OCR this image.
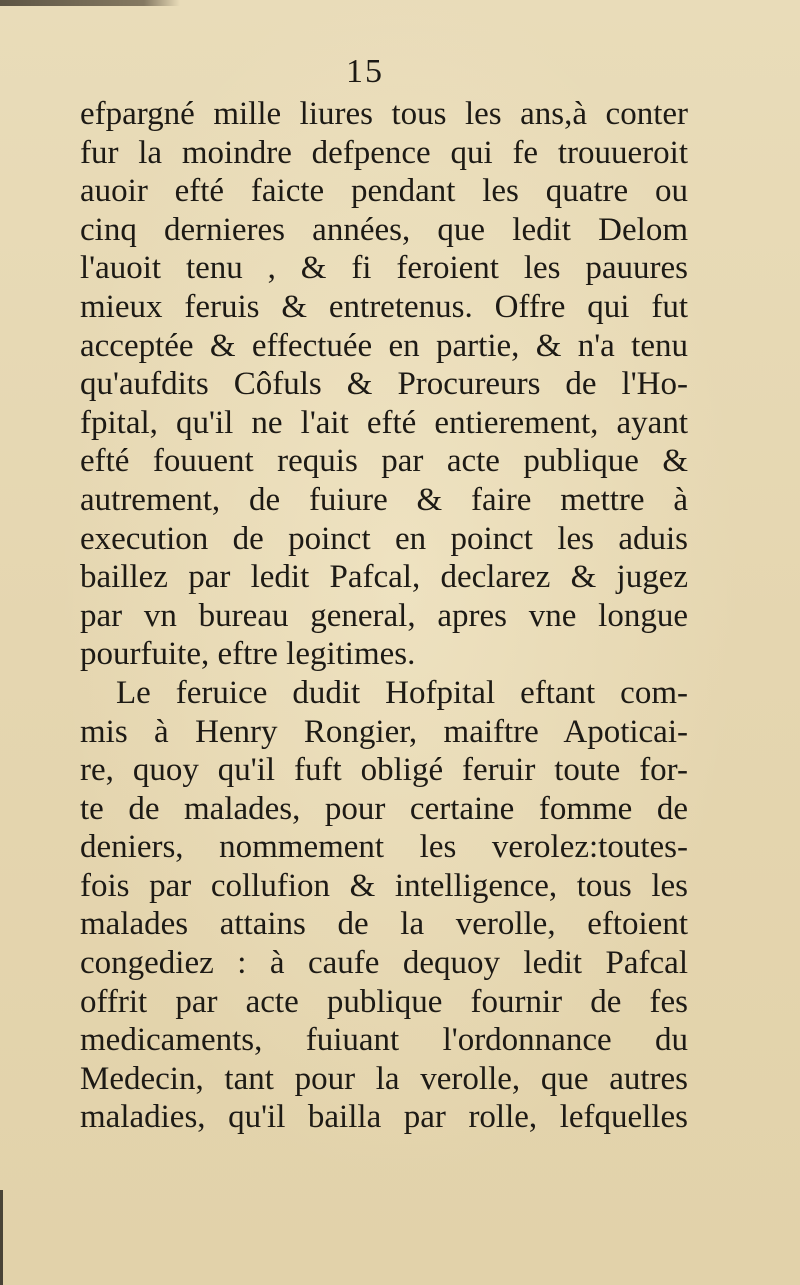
15
efpargné mille liures tous les ans,à conter
fur la moindre defpence qui fe trouueroit
auoir efté faicte pendant les quatre ou
cinq dernieres années, que ledit Delom
l'auoit tenu , & fi feroient les pauures
mieux feruis & entretenus. Offre qui fut
acceptée & effectuée en partie, & n'a tenu
qu'aufdits Côfuls & Procureurs de l'Ho-
fpital, qu'il ne l'ait efté entierement, ayant
efté fouuent requis par acte publique &
autrement, de fuiure & faire mettre à
execution de poinct en poinct les aduis
baillez par ledit Pafcal, declarez & jugez
par vn bureau general, apres vne longue
pourfuite, eftre legitimes.
Le feruice dudit Hofpital eftant com-
mis à Henry Rongier, maiftre Apoticai-
re, quoy qu'il fuft obligé feruir toute for-
te de malades, pour certaine fomme de
deniers, nommement les verolez:toutes-
fois par collufion & intelligence, tous les
malades attains de la verolle, eftoient
congediez : à caufe dequoy ledit Pafcal
offrit par acte publique fournir de fes
medicaments, fuiuant l'ordonnance du
Medecin, tant pour la verolle, que autres
maladies, qu'il bailla par rolle, lefquelles
